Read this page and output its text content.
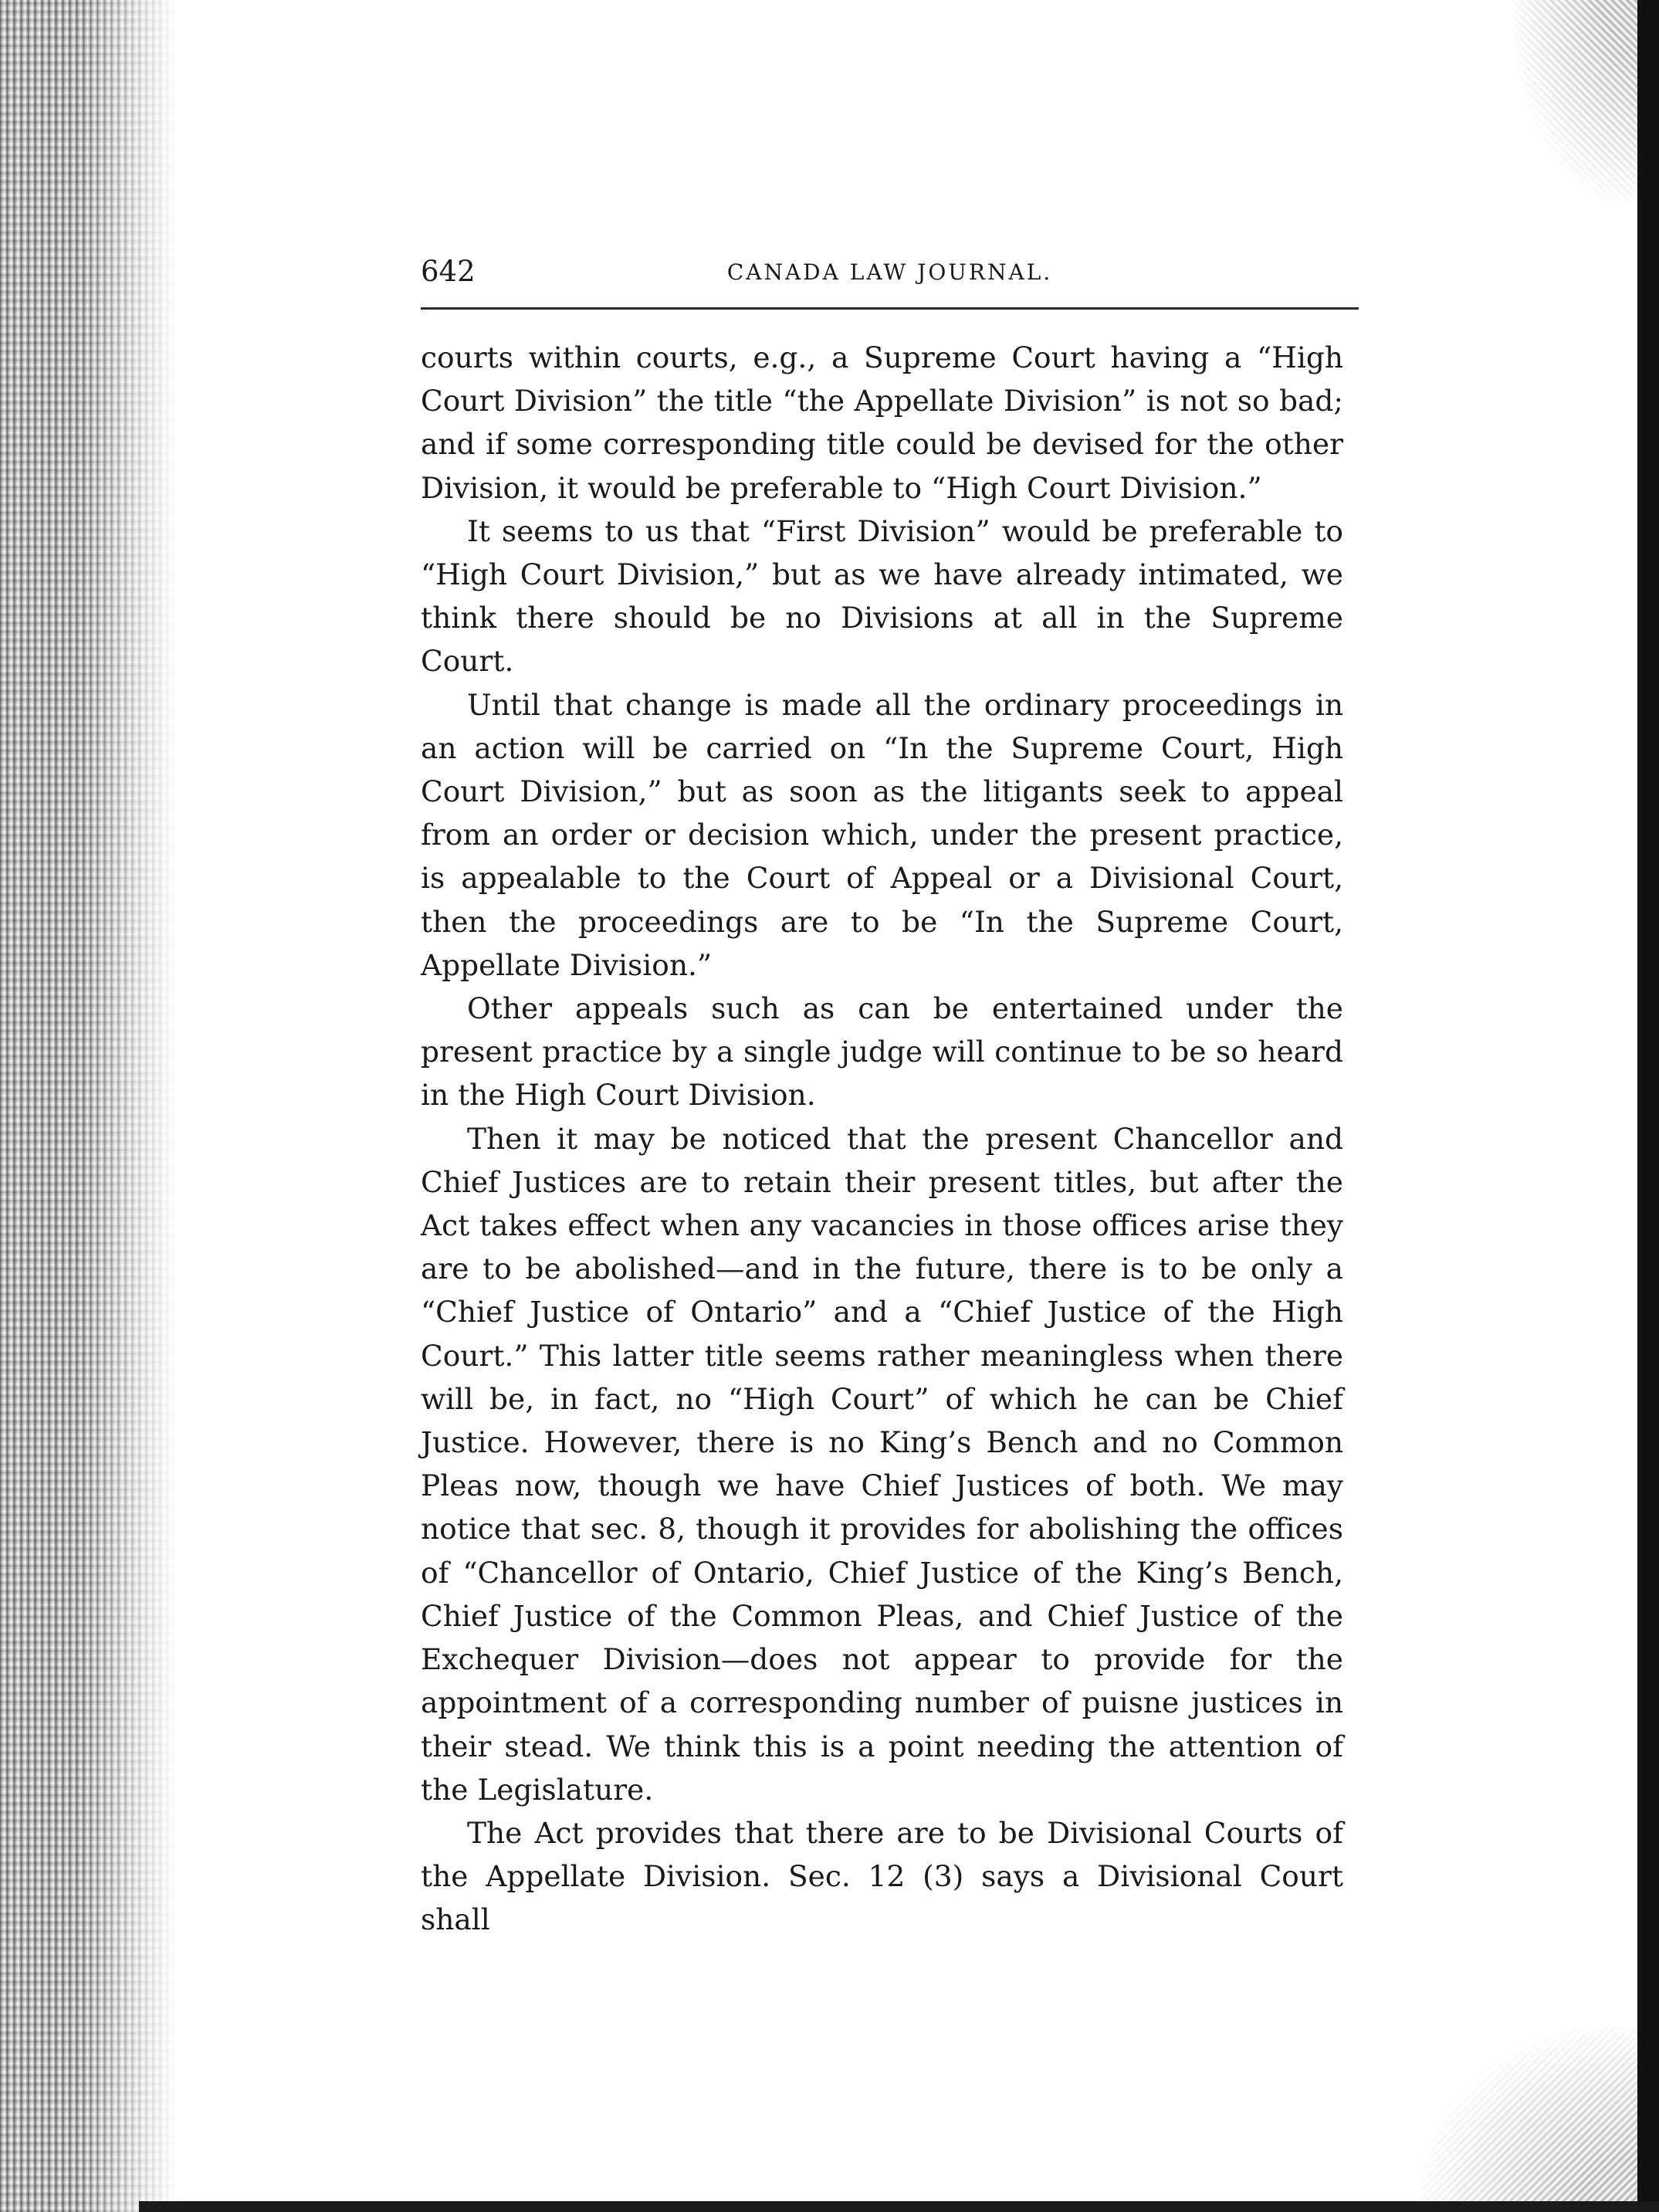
642	CANADA LAW JOURNAL.

courts within courts, e.g., a Supreme Court having a “High Court Division” the title “the Appellate Division” is not so bad; and if some corresponding title could be devised for the other Division, it would be preferable to “High Court Division.”

It seems to us that “First Division” would be preferable to “High Court Division,” but as we have already intimated, we think there should be no Divisions at all in the Supreme Court.

Until that change is made all the ordinary proceedings in an action will be carried on “In the Supreme Court, High Court Division,” but as soon as the litigants seek to appeal from an order or decision which, under the present practice, is appealable to the Court of Appeal or a Divisional Court, then the proceedings are to be “In the Supreme Court, Appellate Division.”

Other appeals such as can be entertained under the present practice by a single judge will continue to be so heard in the High Court Division.

Then it may be noticed that the present Chancellor and Chief Justices are to retain their present titles, but after the Act takes effect when any vacancies in those offices arise they are to be abolished—and in the future, there is to be only a “Chief Justice of Ontario” and a “Chief Justice of the High Court.” This latter title seems rather meaningless when there will be, in fact, no “High Court” of which he can be Chief Justice. However, there is no King’s Bench and no Common Pleas now, though we have Chief Justices of both. We may notice that sec. 8, though it provides for abolishing the offices of “Chancellor of Ontario, Chief Justice of the King’s Bench, Chief Justice of the Common Pleas, and Chief Justice of the Exchequer Division—does not appear to provide for the appointment of a corresponding number of puisne justices in their stead. We think this is a point needing the attention of the Legislature.

The Act provides that there are to be Divisional Courts of the Appellate Division. Sec. 12 (3) says a Divisional Court shall
